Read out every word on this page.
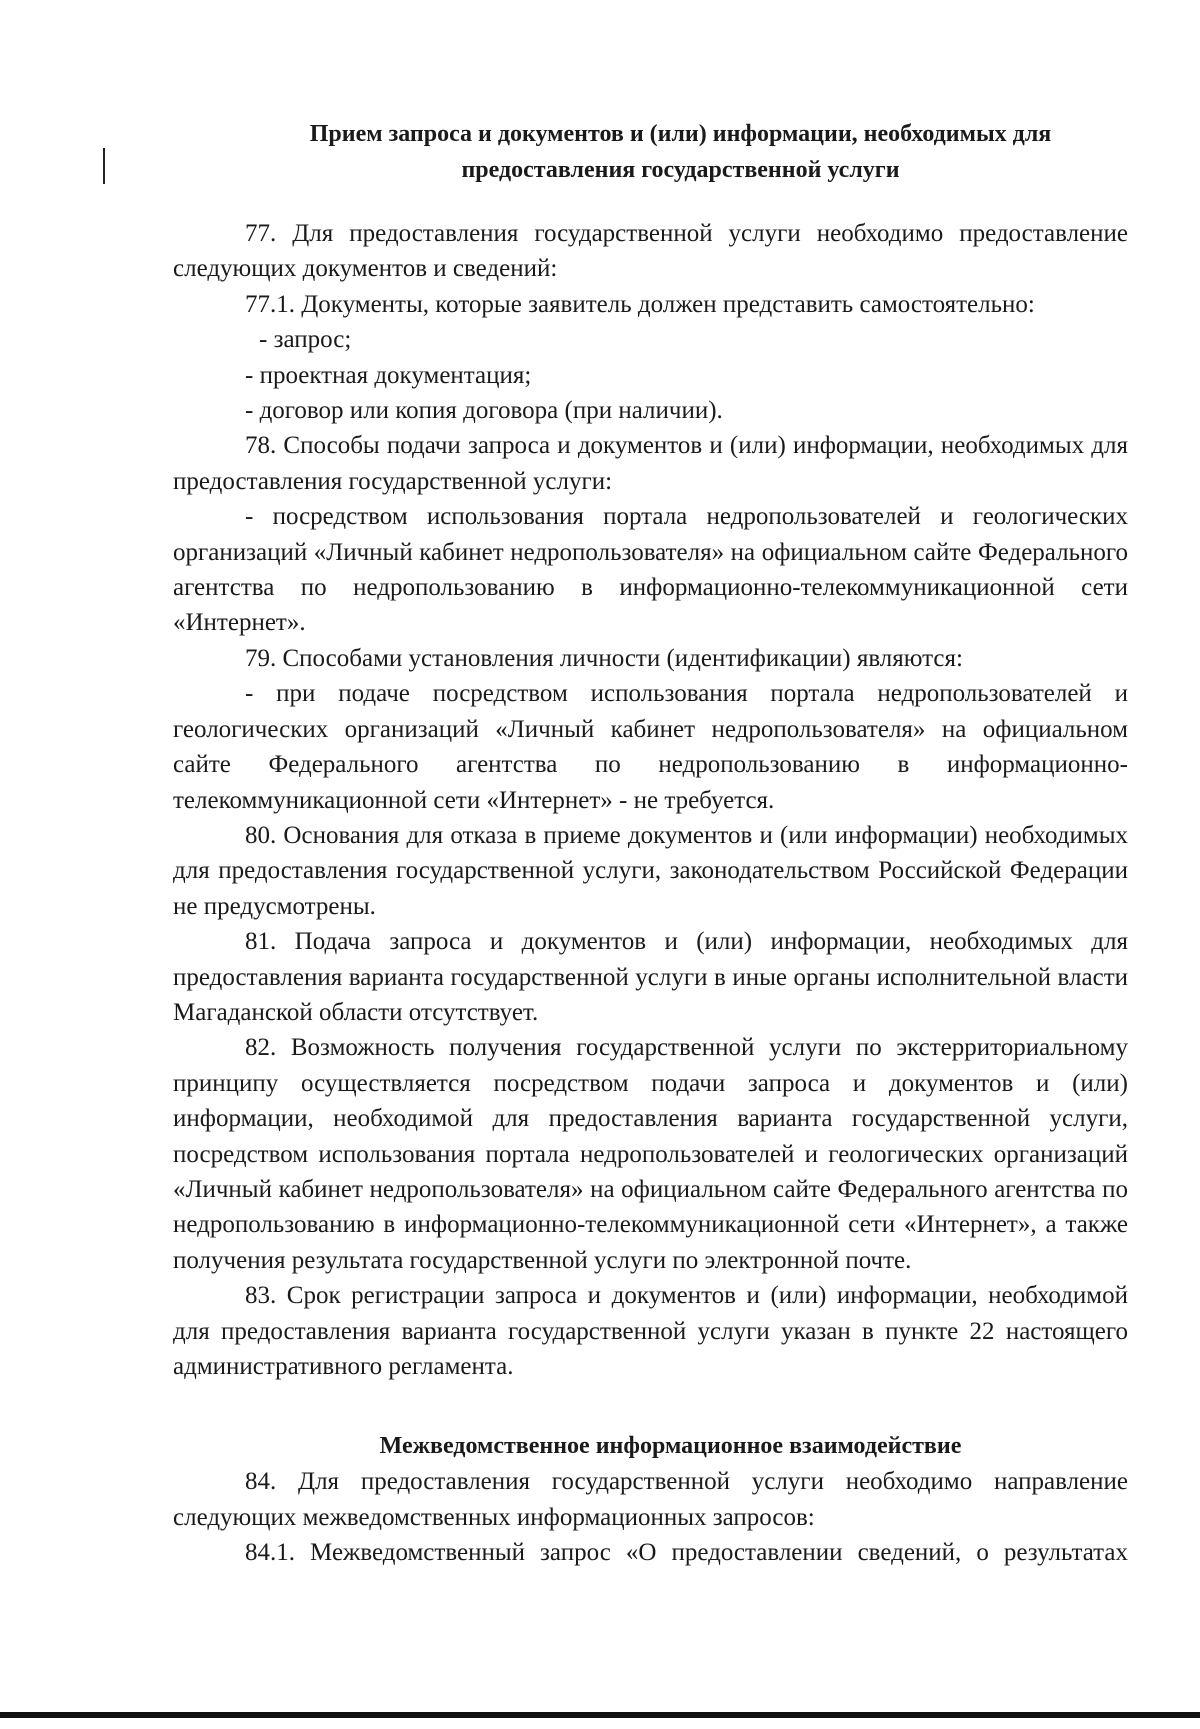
Прием запроса и документов и (или) информации, необходимых для предоставления государственной услуги

77. Для предоставления государственной услуги необходимо предоставление следующих документов и сведений:

77.1. Документы, которые заявитель должен представить самостоятельно:

- запрос;

- проектная документация;

- договор или копия договора (при наличии).

78. Способы подачи запроса и документов и (или) информации, необходимых для предоставления государственной услуги:

- посредством использования портала недропользователей и геологических организаций «Личный кабинет недропользователя» на официальном сайте Федерального агентства по недропользованию в информационно-телекоммуникационной сети «Интернет».

79. Способами установления личности (идентификации) являются:

- при подаче посредством использования портала недропользователей и геологических организаций «Личный кабинет недропользователя» на официальном сайте Федерального агентства по недропользованию в информационно-телекоммуникационной сети «Интернет» - не требуется.

80. Основания для отказа в приеме документов и (или информации) необходимых для предоставления государственной услуги, законодательством Российской Федерации не предусмотрены.

81. Подача запроса и документов и (или) информации, необходимых для предоставления варианта государственной услуги в иные органы исполнительной власти Магаданской области отсутствует.

82. Возможность получения государственной услуги по экстерриториальному принципу осуществляется посредством подачи запроса и документов и (или) информации, необходимой для предоставления варианта государственной услуги, посредством использования портала недропользователей и геологических организаций «Личный кабинет недропользователя» на официальном сайте Федерального агентства по недропользованию в информационно-телекоммуникационной сети «Интернет», а также получения результата государственной услуги по электронной почте.

83. Срок регистрации запроса и документов и (или) информации, необходимой для предоставления варианта государственной услуги указан в пункте 22 настоящего административного регламента.

Межведомственное информационное взаимодействие

84. Для предоставления государственной услуги необходимо направление следующих межведомственных информационных запросов:

84.1. Межведомственный запрос «О предоставлении сведений, о результатах
